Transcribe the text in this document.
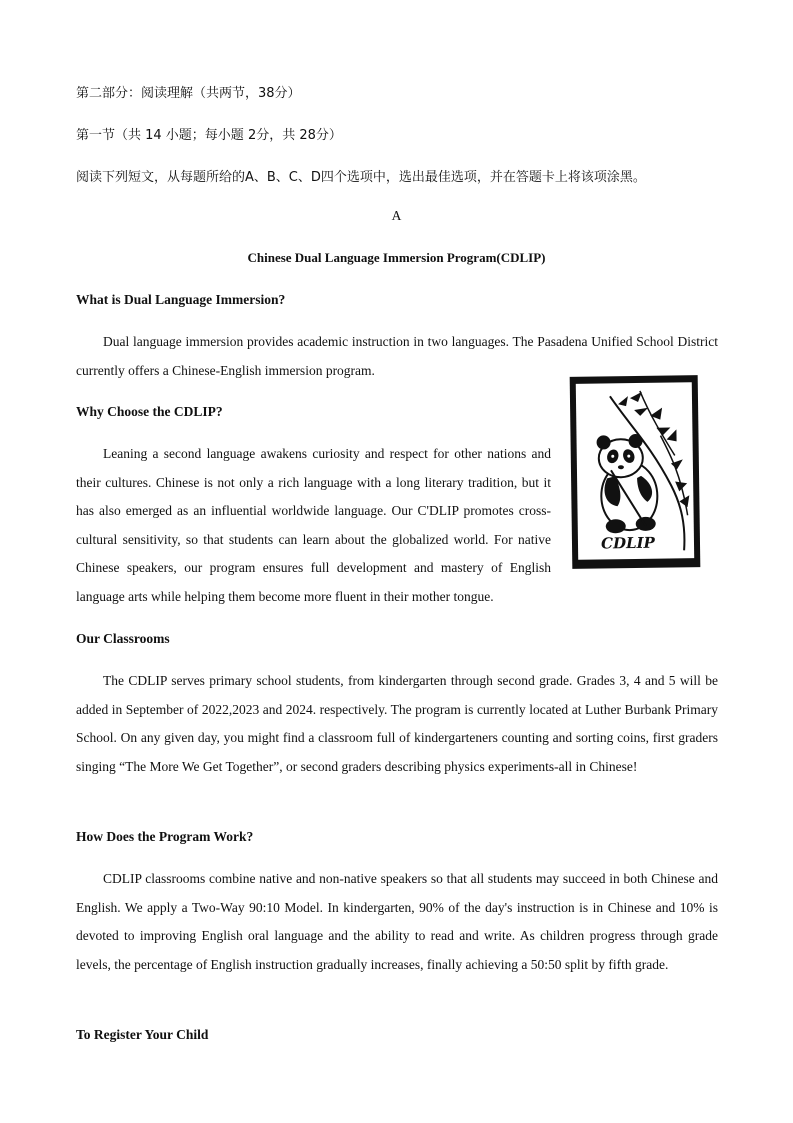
第二部分：阅读理解（共两节，38分）
第一节（共 14 小题；每小题 2分，共 28分）
阅读下列短文，从每题所给的A、B、C、D四个选项中，选出最佳选项，并在答题卡上将该项涂黑。
A
Chinese Dual Language Immersion Program(CDLIP)
What is Dual Language Immersion?

Dual language immersion provides academic instruction in two languages. The Pasadena Unified School District currently offers a Chinese-English immersion program.

Why Choose the CDLIP?

Leaning a second language awakens curiosity and respect for other nations and their cultures. Chinese is not only a rich language with a long literary tradition, but it has also emerged as an influential worldwide language. Our C'DLIP promotes cross-cultural sensitivity, so that students can learn about the globalized world. For native Chinese speakers, our program ensures full development and mastery of English language arts while helping them become more fluent in their mother tongue.

CDLIP
Our Classrooms

The CDLIP serves primary school students, from kindergarten through second grade. Grades 3, 4 and 5 will be added in September of 2022,2023 and 2024. respectively. The program is currently located at Luther Burbank Primary School. On any given day, you might find a classroom full of kindergarteners counting and sorting coins, first graders singing “The More We Get Together”, or second graders describing physics experiments-all in Chinese!

How Does the Program Work?

CDLIP classrooms combine native and non-native speakers so that all students may succeed in both Chinese and English. We apply a Two-Way 90:10 Model. In kindergarten, 90% of the day's instruction is in Chinese and 10% is devoted to improving English oral language and the ability to read and write. As children progress through grade levels, the percentage of English instruction gradually increases, finally achieving a 50:50 split by fifth grade.

To Register Your Child
